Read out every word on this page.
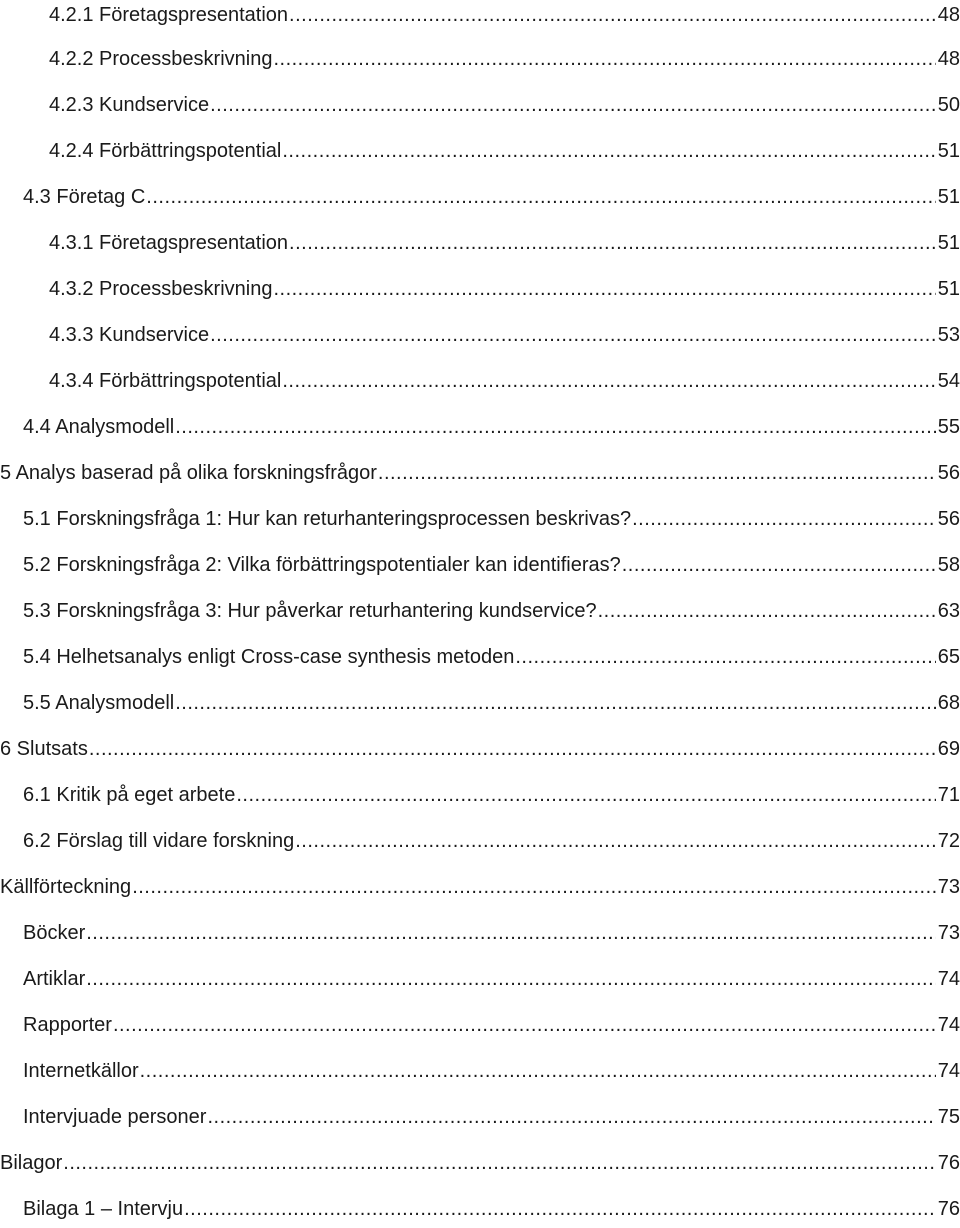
4.2.1 Företagspresentation .....	48
4.2.2 Processbeskrivning .....	48
4.2.3 Kundservice .....	50
4.2.4 Förbättringspotential .....	51
4.3 Företag C .....	51
4.3.1 Företagspresentation .....	51
4.3.2 Processbeskrivning .....	51
4.3.3 Kundservice .....	53
4.3.4 Förbättringspotential .....	54
4.4 Analysmodell .....	55
5 Analys baserad på olika forskningsfrågor .....	56
5.1 Forskningsfråga 1: Hur kan returhanteringsprocessen beskrivas? .....	56
5.2 Forskningsfråga 2: Vilka förbättringspotentialer kan identifieras? .....	58
5.3 Forskningsfråga 3: Hur påverkar returhantering kundservice? .....	63
5.4 Helhetsanalys enligt Cross-case synthesis metoden .....	65
5.5 Analysmodell .....	68
6 Slutsats .....	69
6.1 Kritik på eget arbete .....	71
6.2 Förslag till vidare forskning .....	72
Källförteckning .....	73
Böcker .....	73
Artiklar .....	74
Rapporter .....	74
Internetkällor .....	74
Intervjuade personer .....	75
Bilagor .....	76
Bilaga 1 – Intervju .....	76
